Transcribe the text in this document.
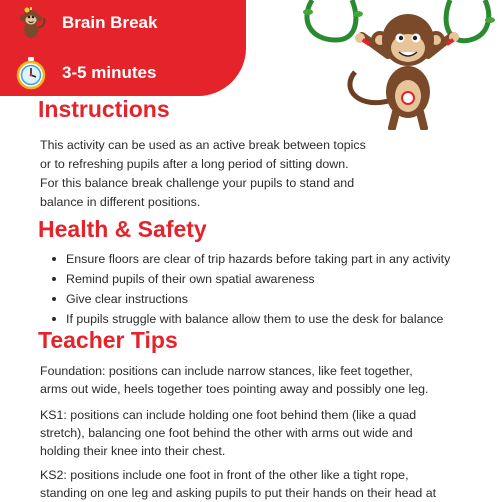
Brain Break
3-5 minutes
Instructions

This activity can be used as an active break between topics
or to refreshing pupils after a long period of sitting down.
For this balance break challenge your pupils to stand and
balance in different positions.

Health & Safety
Ensure floors are clear of trip hazards before taking part in any activity
Remind pupils of their own spatial awareness
Give clear instructions
If pupils struggle with balance allow them to use the desk for balance
Teacher Tips

Foundation: positions can include narrow stances, like feet together,
arms out wide, heels together toes pointing away and possibly one leg.

KS1: positions can include holding one foot behind them (like a quad
stretch), balancing one foot behind the other with arms out wide and
holding their knee into their chest.

KS2: positions include one foot in front of the other like a tight rope,
standing on one leg and asking pupils to put their hands on their head at
